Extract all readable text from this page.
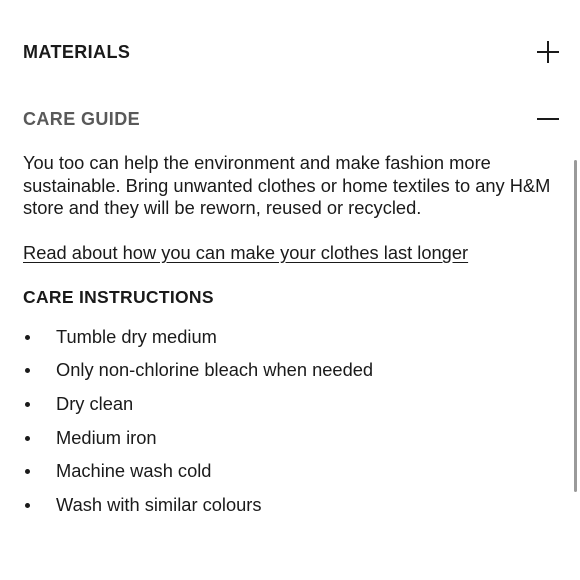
MATERIALS
CARE GUIDE

You too can help the environment and make fashion more sustainable. Bring unwanted clothes or home textiles to any H&M store and they will be reworn, reused or recycled.

Read about how you can make your clothes last longer
CARE INSTRUCTIONS
Tumble dry medium
Only non-chlorine bleach when needed
Dry clean
Medium iron
Machine wash cold
Wash with similar colours
